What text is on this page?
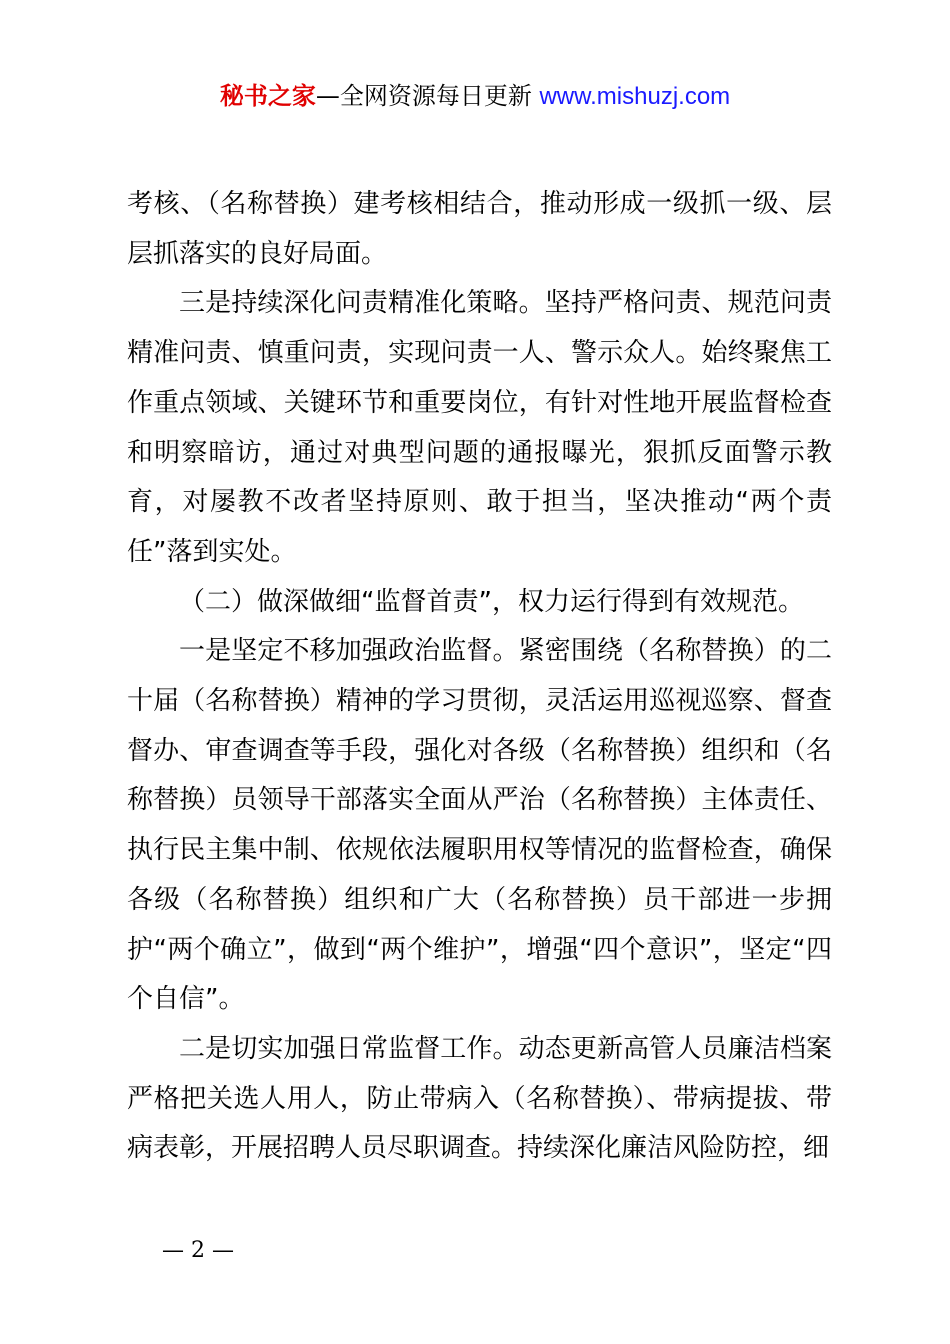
秘书之家—全网资源每日更新 www.mishuzj.com

考核、（名称替换）建考核相结合，推动形成一级抓一级、层层抓落实的良好局面。

三是持续深化问责精准化策略。坚持严格问责、规范问责精准问责、慎重问责，实现问责一人、警示众人。始终聚焦工作重点领域、关键环节和重要岗位，有针对性地开展监督检查和明察暗访，通过对典型问题的通报曝光，狠抓反面警示教育，对屡教不改者坚持原则、敢于担当，坚决推动“两个责任”落到实处。

（二）做深做细“监督首责”，权力运行得到有效规范。

一是坚定不移加强政治监督。紧密围绕（名称替换）的二十届（名称替换）精神的学习贯彻，灵活运用巡视巡察、督查督办、审查调查等手段，强化对各级（名称替换）组织和（名称替换）员领导干部落实全面从严治（名称替换）主体责任、执行民主集中制、依规依法履职用权等情况的监督检查，确保各级（名称替换）组织和广大（名称替换）员干部进一步拥护“两个确立”，做到“两个维护”，增强“四个意识”，坚定“四个自信”。

二是切实加强日常监督工作。动态更新高管人员廉洁档案严格把关选人用人，防止带病入（名称替换）、带病提拔、带病表彰，开展招聘人员尽职调查。持续深化廉洁风险防控，细

— 2 —
